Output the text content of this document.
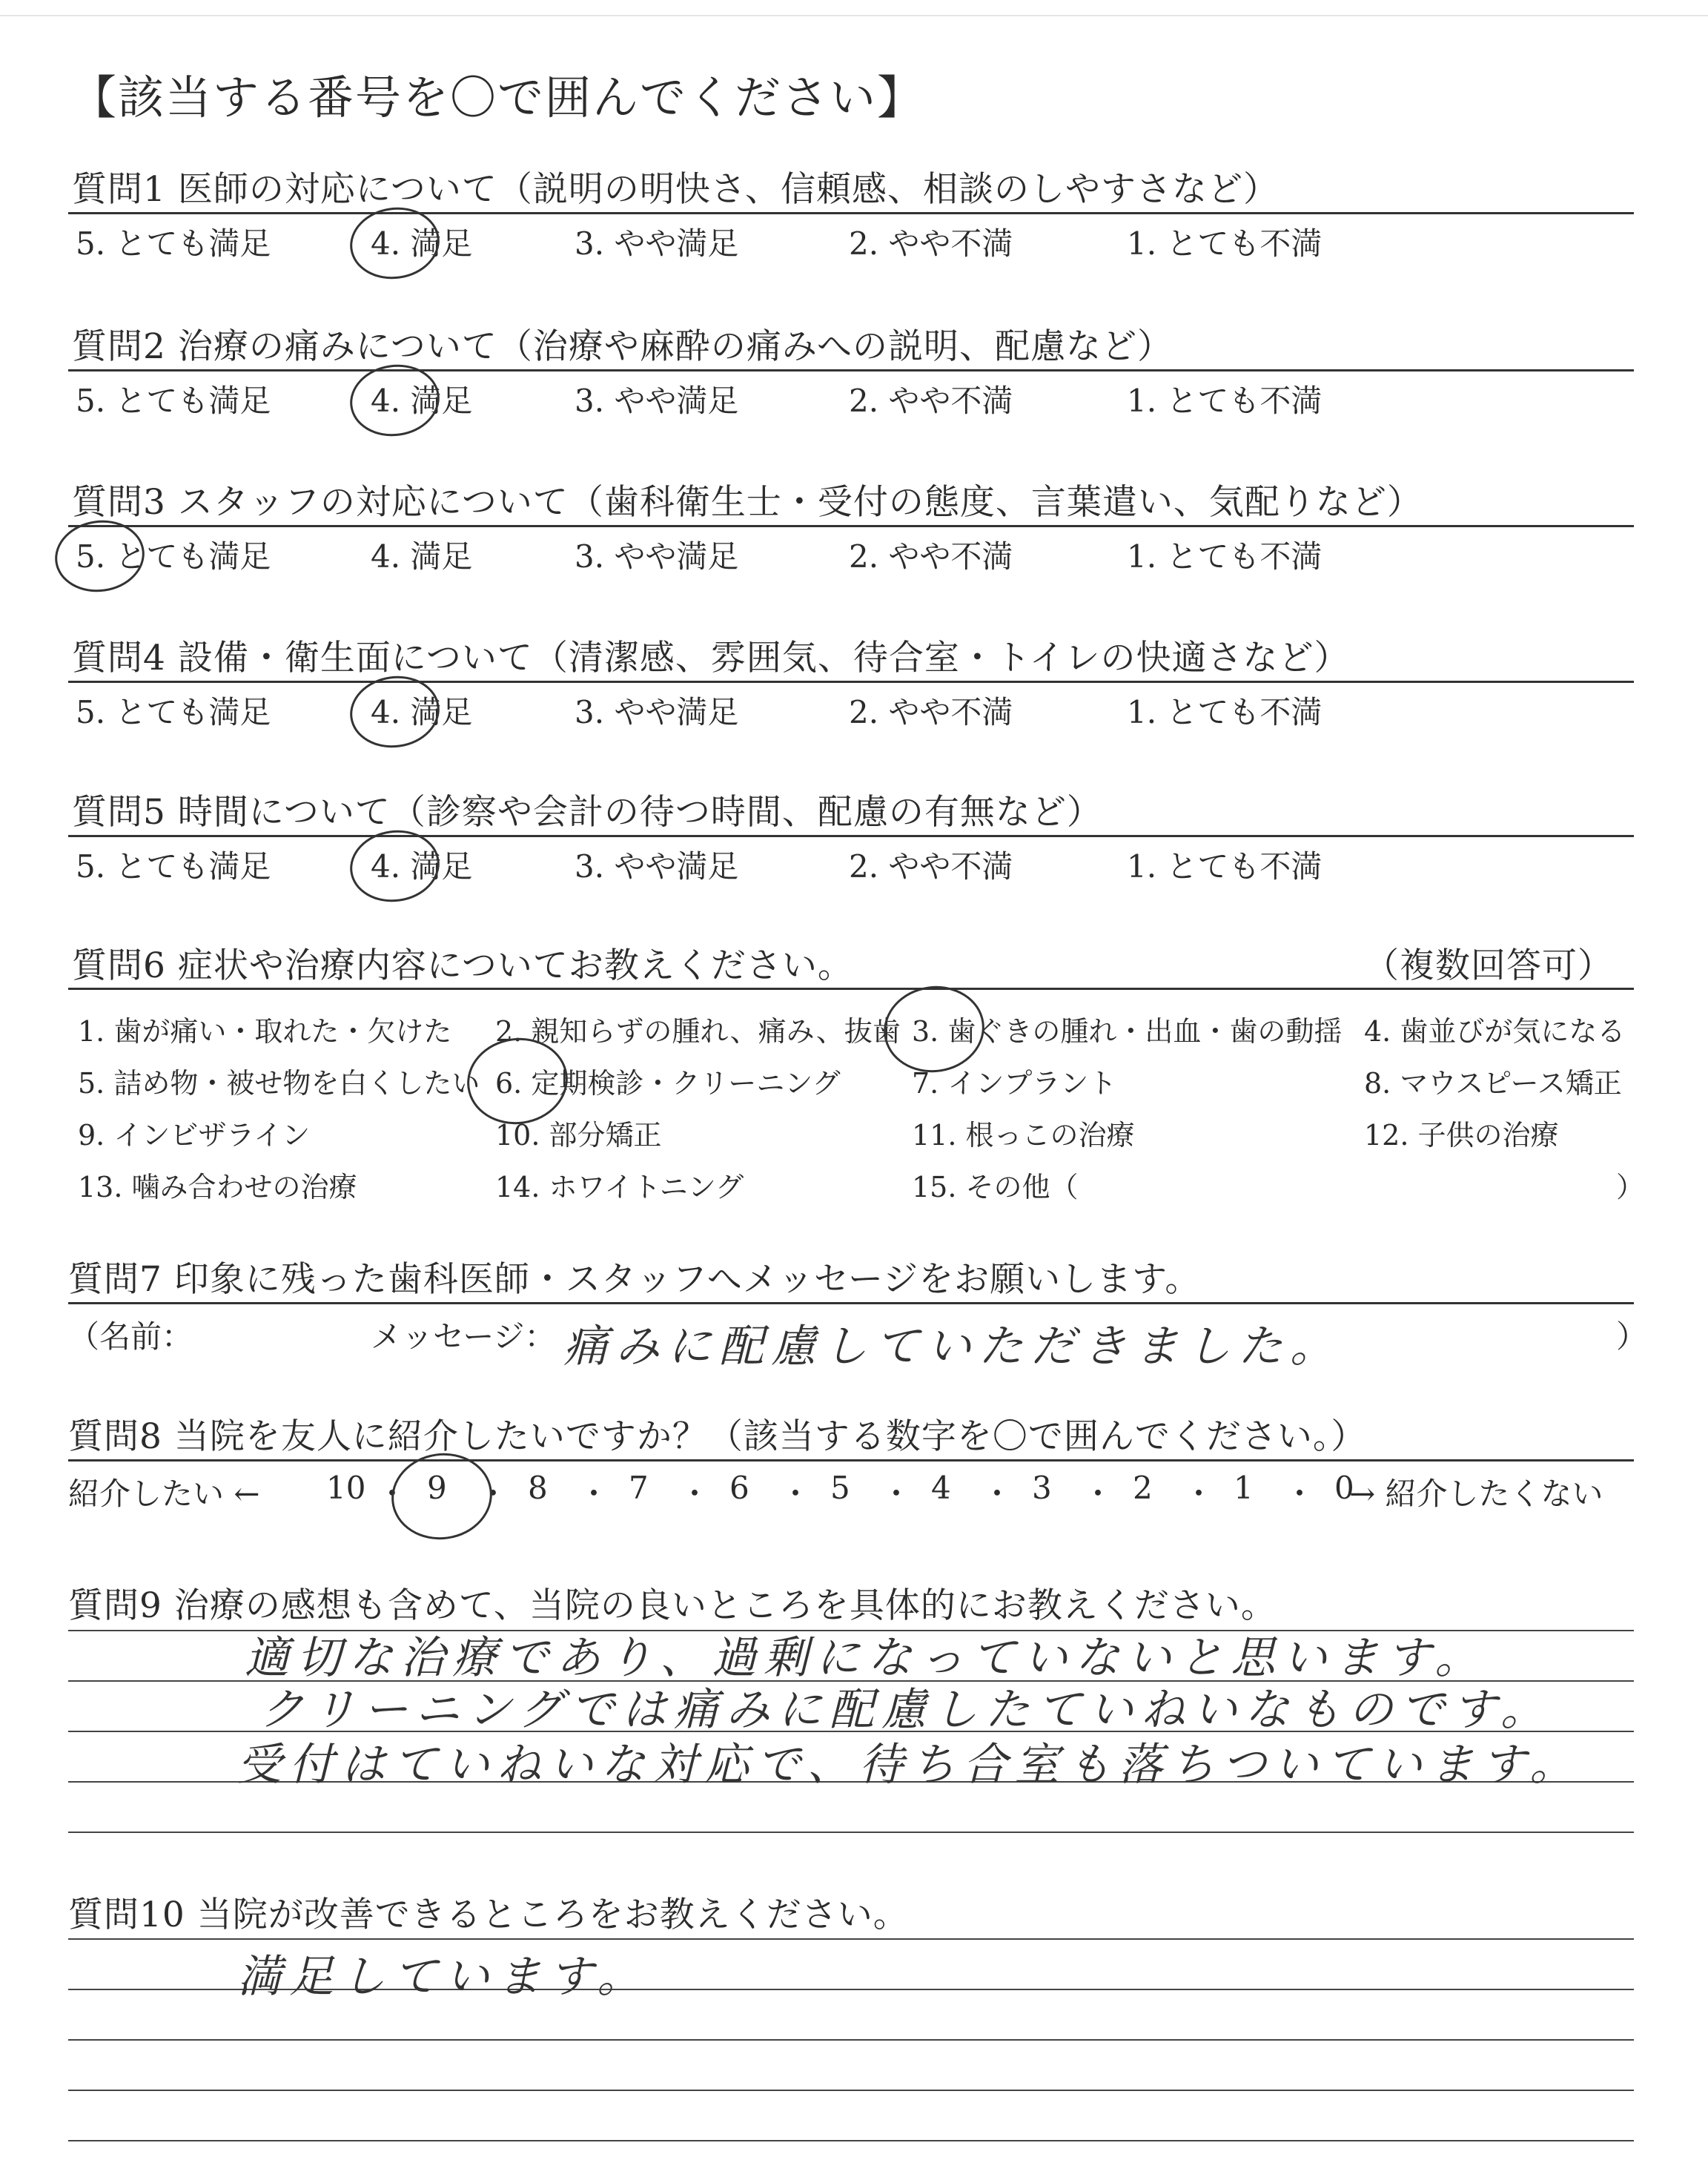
【該当する番号を〇で囲んでください】
質問1 医師の対応について（説明の明快さ、信頼感、相談のしやすさなど）
5. とても満足	4. 満足	3. やや満足	2. やや不満	1. とても不満
質問2 治療の痛みについて（治療や麻酔の痛みへの説明、配慮など）
5. とても満足	4. 満足	3. やや満足	2. やや不満	1. とても不満
質問3 スタッフの対応について（歯科衛生士・受付の態度、言葉遣い、気配りなど）
5. とても満足	4. 満足	3. やや満足	2. やや不満	1. とても不満
質問4 設備・衛生面について（清潔感、雰囲気、待合室・トイレの快適さなど）
5. とても満足	4. 満足	3. やや満足	2. やや不満	1. とても不満
質問5 時間について（診察や会計の待つ時間、配慮の有無など）
5. とても満足	4. 満足	3. やや満足	2. やや不満	1. とても不満
質問6 症状や治療内容についてお教えください。	（複数回答可）
1. 歯が痛い・取れた・欠けた 2. 親知らずの腫れ、痛み、抜歯 3. 歯ぐきの腫れ・出血・歯の動揺 4. 歯並びが気になる
5. 詰め物・被せ物を白くしたい 6. 定期検診・クリーニング	7. インプラント	8. マウスピース矯正
9. インビザライン	10. 部分矯正	11. 根っこの治療	12. 子供の治療
13. 噛み合わせの治療	14. ホワイトニング	15. その他（	）
質問7 印象に残った歯科医師・スタッフへメッセージをお願いします。
（名前：	メッセージ： 痛みに配慮していただきました。	）
質問8 当院を友人に紹介したいですか？（該当する数字を〇で囲んでください。）
紹介したい ← 10 ・ 9 ・ 8 ・ 7 ・ 6 ・ 5 ・ 4 ・ 3 ・ 2 ・ 1 ・ 0
→ 紹介したくない
質問9 治療の感想も含めて、当院の良いところを具体的にお教えください。
適切な治療であり、過剰になっていないと思います。
クリーニングでは痛みに配慮したていねいなものです。
受付はていねいな対応で、待ち合室も落ちついています。
質問10 当院が改善できるところをお教えください。
満足しています。
